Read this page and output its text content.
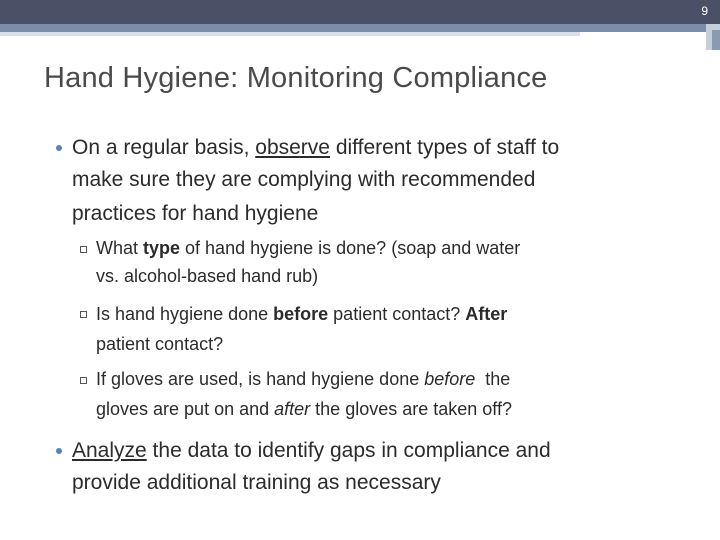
9
Hand Hygiene: Monitoring Compliance
On a regular basis, observe different types of staff to
make sure they are complying with recommended
practices for hand hygiene
What type of hand hygiene is done? (soap and water
vs. alcohol-based hand rub)
Is hand hygiene done before patient contact? After
patient contact?
If gloves are used, is hand hygiene done before  the
gloves are put on and after the gloves are taken off?
Analyze the data to identify gaps in compliance and
provide additional training as necessary
